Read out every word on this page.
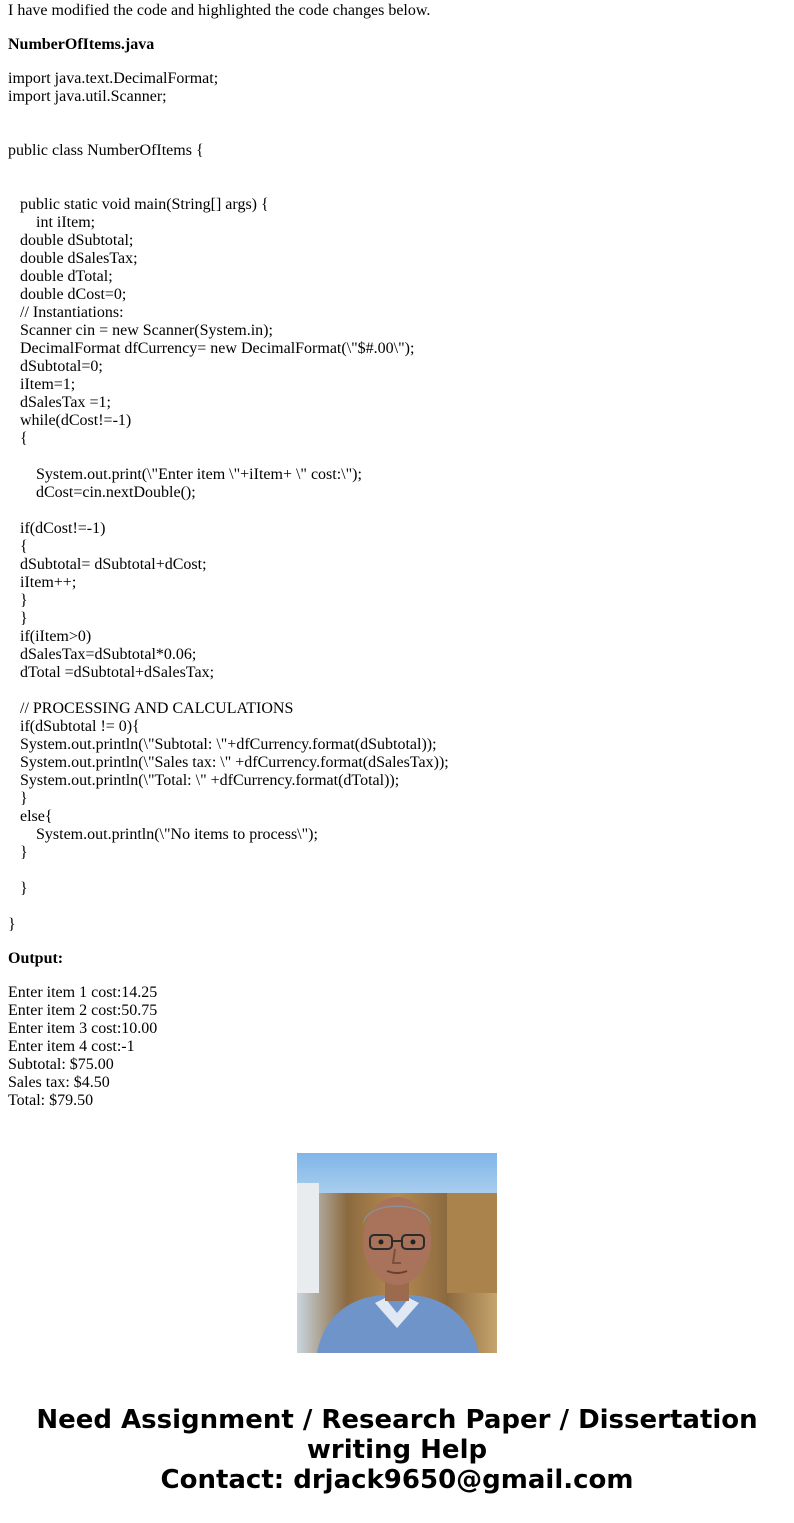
I have modified the code and highlighted the code changes below.
NumberOfItems.java
import java.text.DecimalFormat;
import java.util.Scanner;
public class NumberOfItems {
public static void main(String[] args) {
int iItem;
double dSubtotal;
double dSalesTax;
double dTotal;
double dCost=0;
// Instantiations:
Scanner cin = new Scanner(System.in);
DecimalFormat dfCurrency= new DecimalFormat(\"$#.00\");
dSubtotal=0;
iItem=1;
dSalesTax =1;
while(dCost!=-1)
{
System.out.print(\"Enter item \"+iItem+ \" cost:\");
dCost=cin.nextDouble();
if(dCost!=-1)
{
dSubtotal= dSubtotal+dCost;
iItem++;
}
}
if(iItem>0)
dSalesTax=dSubtotal*0.06;
dTotal =dSubtotal+dSalesTax;
// PROCESSING AND CALCULATIONS
if(dSubtotal != 0){
System.out.println(\"Subtotal: \"+dfCurrency.format(dSubtotal));
System.out.println(\"Sales tax: \" +dfCurrency.format(dSalesTax));
System.out.println(\"Total: \" +dfCurrency.format(dTotal));
}
else{
System.out.println(\"No items to process\");
}
}
}
Output:
Enter item 1 cost:14.25
Enter item 2 cost:50.75
Enter item 3 cost:10.00
Enter item 4 cost:-1
Subtotal: $75.00
Sales tax: $4.50
Total: $79.50
Need Assignment / Research Paper / Dissertation
writing Help
Contact: drjack9650@gmail.com
